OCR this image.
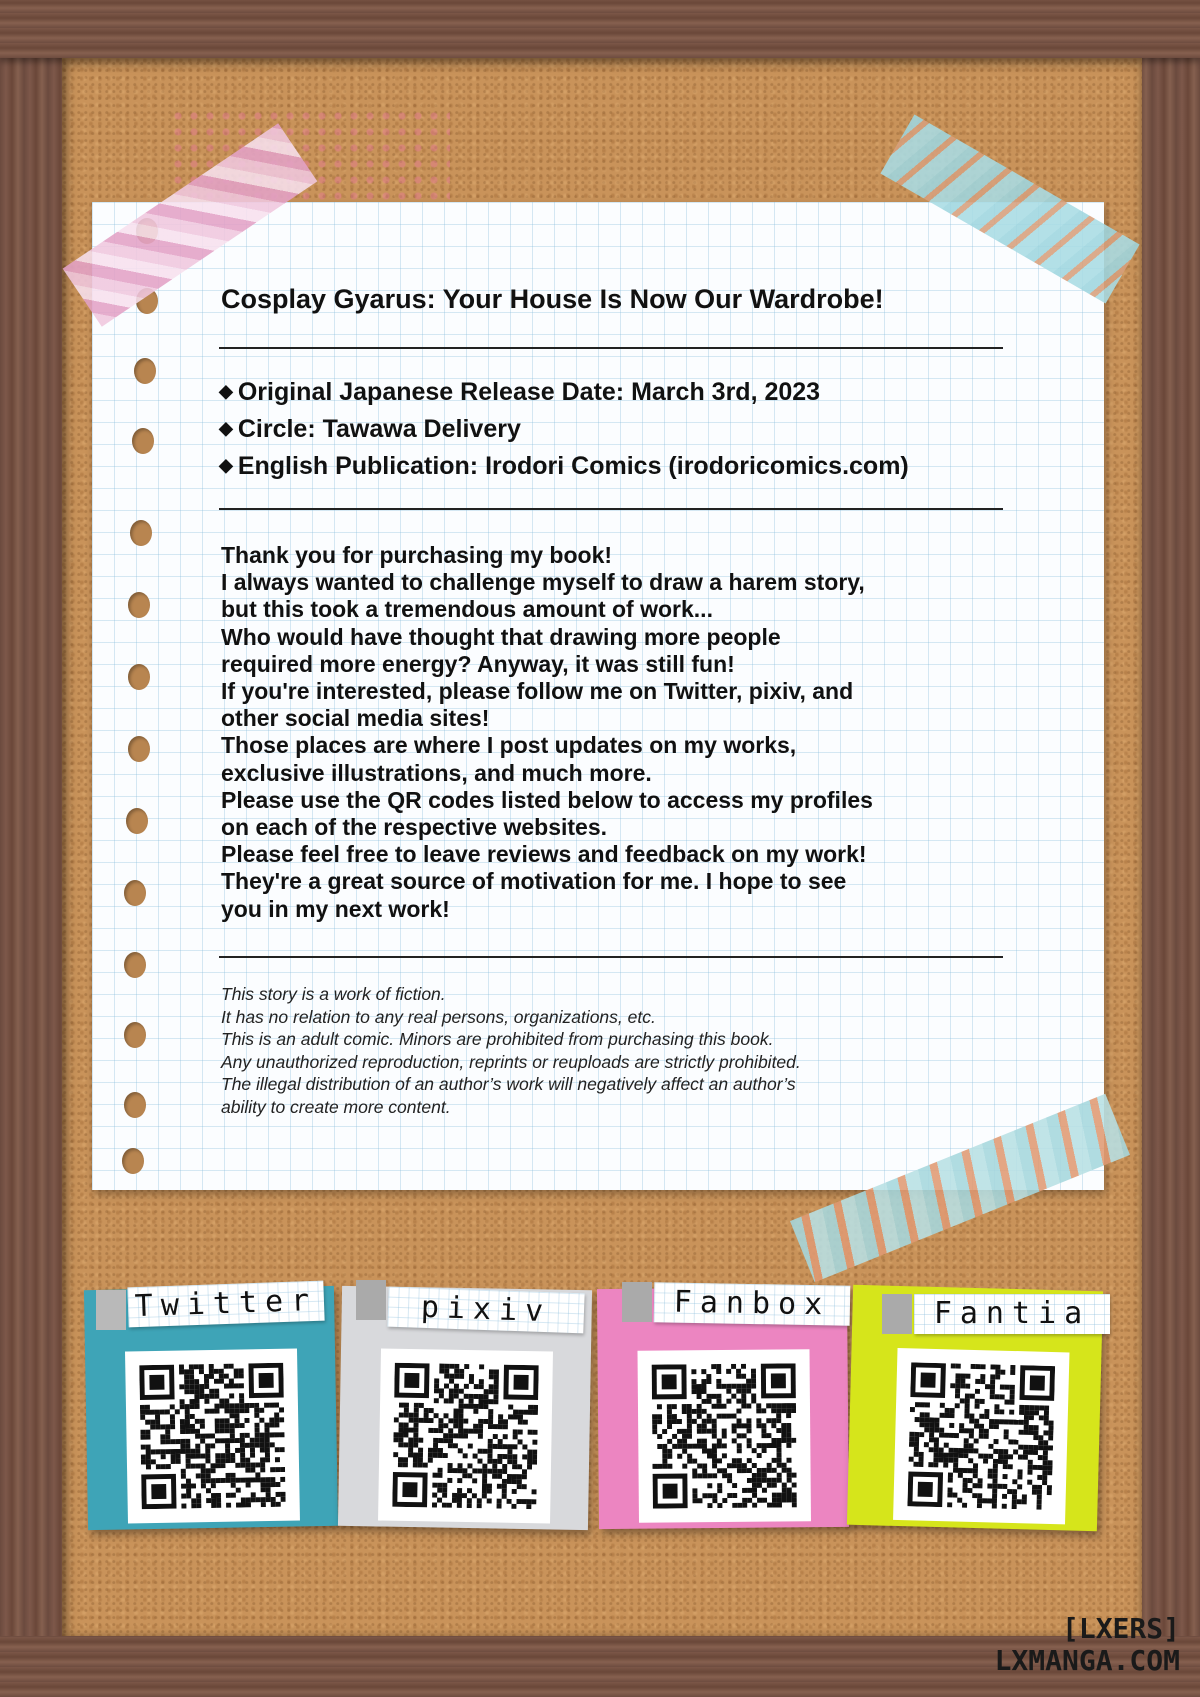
Cosplay Gyarus: Your House Is Now Our Wardrobe!
◆ Original Japanese Release Date: March 3rd, 2023
◆ Circle: Tawawa Delivery
◆ English Publication: Irodori Comics (irodoricomics.com)
Thank you for purchasing my book!
I always wanted to challenge myself to draw a harem story,
but this took a tremendous amount of work...
Who would have thought that drawing more people
required more energy? Anyway, it was still fun!
If you're interested, please follow me on Twitter, pixiv, and
other social media sites!
Those places are where I post updates on my works,
exclusive illustrations, and much more.
Please use the QR codes listed below to access my profiles
on each of the respective websites.
Please feel free to leave reviews and feedback on my work!
They're a great source of motivation for me. I hope to see
you in my next work!
This story is a work of fiction.
It has no relation to any real persons, organizations, etc.
This is an adult comic. Minors are prohibited from purchasing this book.
Any unauthorized reproduction, reprints or reuploads are strictly prohibited.
The illegal distribution of an author’s work will negatively affect an author’s
ability to create more content.
Twitter	pixiv	Fanbox	Fantia
[LXERS]
LXMANGA.COM
